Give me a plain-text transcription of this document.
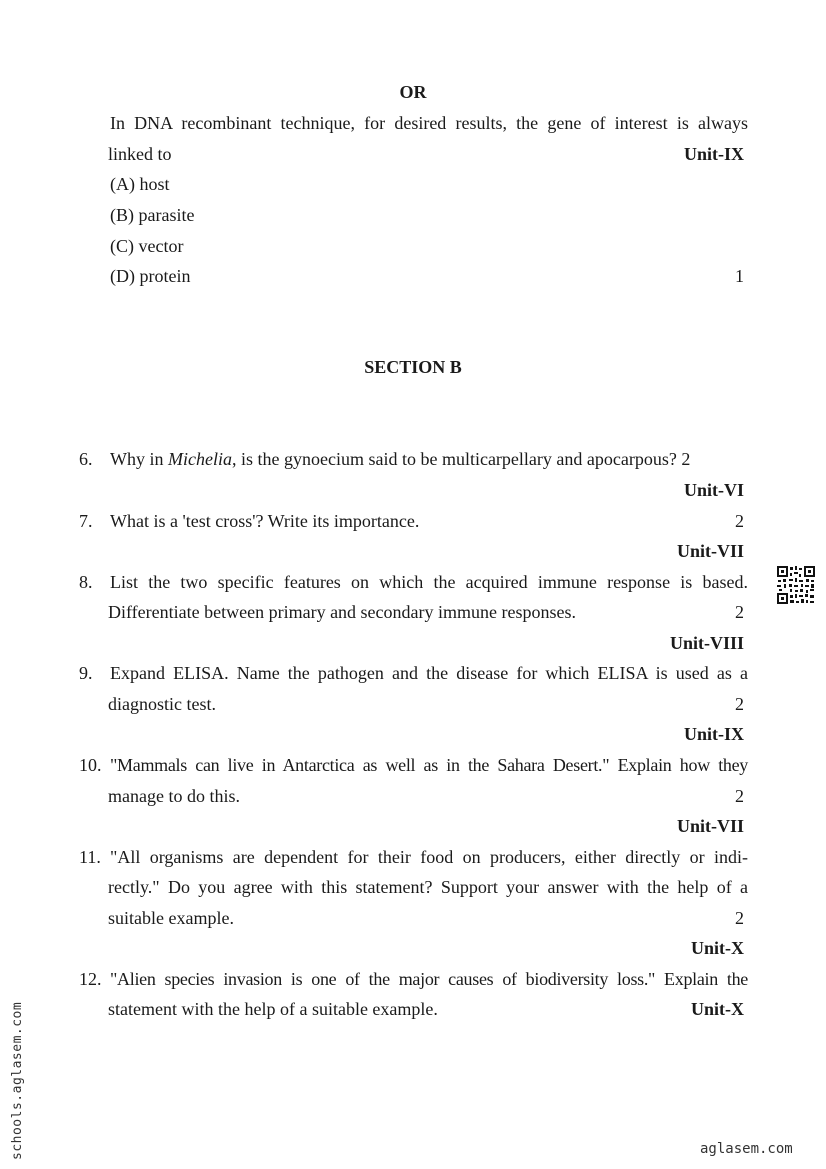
OR
In DNA recombinant technique, for desired results, the gene of interest is always
linked to	Unit-IX
(A) host
(B) parasite
(C) vector
(D) protein	1
SECTION B
6. Why in Michelia, is the gynoecium said to be multicarpellary and apocarpous? 2
Unit-VI
7. What is a 'test cross'? Write its importance.	2
Unit-VII
8. List the two specific features on which the acquired immune response is based.
Differentiate between primary and secondary immune responses.	2
Unit-VIII
9. Expand ELISA. Name the pathogen and the disease for which ELISA is used as a
diagnostic test.	2
Unit-IX
10. "Mammals can live in Antarctica as well as in the Sahara Desert." Explain how they
manage to do this.	2
Unit-VII
11. "All organisms are dependent for their food on producers, either directly or indi-
rectly." Do you agree with this statement? Support your answer with the help of a
suitable example.	2
Unit-X
12. "Alien species invasion is one of the major causes of biodiversity loss." Explain the
statement with the help of a suitable example.	Unit-X
schools.aglasem.com	aglasem.com
